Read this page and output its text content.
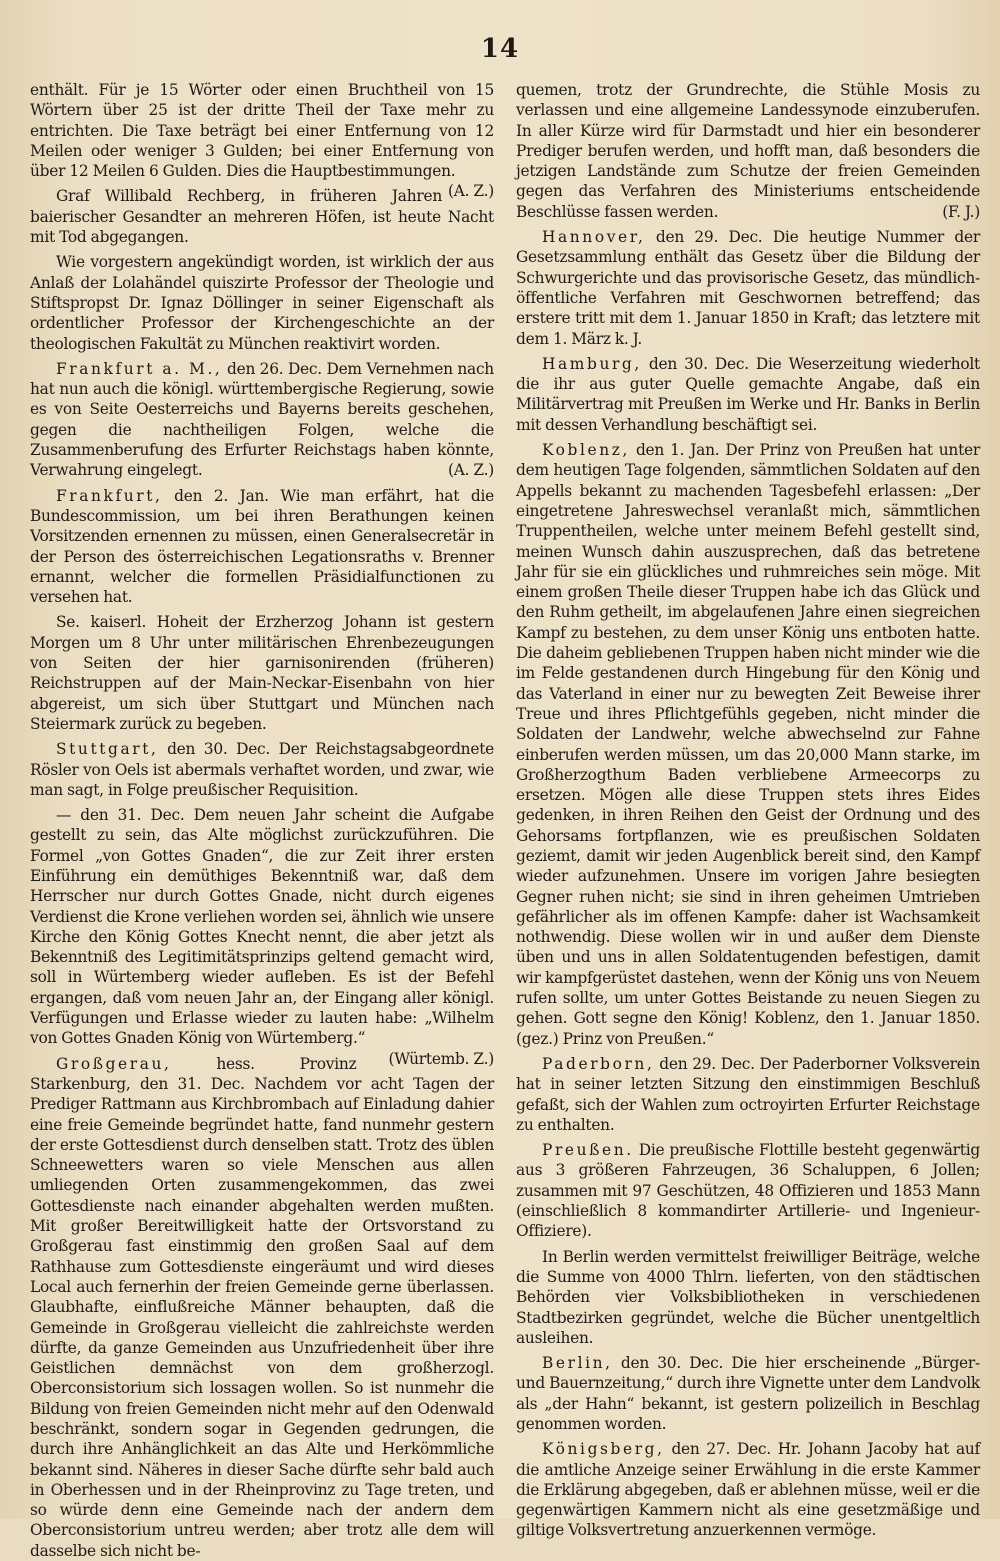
14

enthält. Für je 15 Wörter oder einen Bruchtheil von 15 Wörtern über 25 ist der dritte Theil der Taxe mehr zu entrichten. Die Taxe beträgt bei einer Entfernung von 12 Meilen oder weniger 3 Gulden; bei einer Entfernung von über 12 Meilen 6 Gulden. Dies die Hauptbestimmungen.
(A. Z.)

Graf Willibald Rechberg, in früheren Jahren baierischer Gesandter an mehreren Höfen, ist heute Nacht mit Tod abgegangen.

Wie vorgestern angekündigt worden, ist wirklich der aus Anlaß der Lolahändel quiszirte Professor der Theologie und Stiftspropst Dr. Ignaz Döllinger in seiner Eigenschaft als ordentlicher Professor der Kirchengeschichte an der theologischen Fakultät zu München reaktivirt worden.

Frankfurt a. M., den 26. Dec. Dem Vernehmen nach hat nun auch die königl. württembergische Regierung, sowie es von Seite Oesterreichs und Bayerns bereits geschehen, gegen die nachtheiligen Folgen, welche die Zusammenberufung des Erfurter Reichstags haben könnte, Verwahrung eingelegt.	(A. Z.)

Frankfurt, den 2. Jan. Wie man erfährt, hat die Bundescommission, um bei ihren Berathungen keinen Vorsitzenden ernennen zu müssen, einen Generalsecretär in der Person des österreichischen Legationsraths v. Brenner ernannt, welcher die formellen Präsidialfunctionen zu versehen hat.

Se. kaiserl. Hoheit der Erzherzog Johann ist gestern Morgen um 8 Uhr unter militärischen Ehrenbezeugungen von Seiten der hier garnisonirenden (früheren) Reichstruppen auf der Main-Neckar-Eisenbahn von hier abgereist, um sich über Stuttgart und München nach Steiermark zurück zu begeben.

Stuttgart, den 30. Dec. Der Reichstagsabgeordnete Rösler von Oels ist abermals verhaftet worden, und zwar, wie man sagt, in Folge preußischer Requisition.

— den 31. Dec. Dem neuen Jahr scheint die Aufgabe gestellt zu sein, das Alte möglichst zurückzuführen. Die Formel „von Gottes Gnaden“, die zur Zeit ihrer ersten Einführung ein demüthiges Bekenntniß war, daß dem Herrscher nur durch Gottes Gnade, nicht durch eigenes Verdienst die Krone verliehen worden sei, ähnlich wie unsere Kirche den König Gottes Knecht nennt, die aber jetzt als Bekenntniß des Legitimitätsprinzips geltend gemacht wird, soll in Würtemberg wieder aufleben. Es ist der Befehl ergangen, daß vom neuen Jahr an, der Eingang aller königl. Verfügungen und Erlasse wieder zu lauten habe: „Wilhelm von Gottes Gnaden König von Würtemberg.“
(Würtemb. Z.)

Großgerau,	hess. Provinz Starkenburg, den 31. Dec. Nachdem vor acht Tagen der Prediger Rattmann aus Kirchbrombach auf Einladung dahier eine freie Gemeinde begründet hatte, fand nunmehr gestern der erste Gottesdienst durch denselben statt. Trotz des üblen Schneewetters waren so viele Menschen aus allen umliegenden Orten zusammengekommen, das zwei Gottesdienste nach einander abgehalten werden mußten. Mit großer Bereitwilligkeit hatte der Ortsvorstand zu Großgerau fast einstimmig den großen Saal auf dem Rathhause zum Gottesdienste eingeräumt und wird dieses Local auch fernerhin der freien Gemeinde gerne überlassen. Glaubhafte, einflußreiche Männer behaupten, daß die Gemeinde in Großgerau vielleicht die zahlreichste werden dürfte, da ganze Gemeinden aus Unzufriedenheit über ihre Geistlichen demnächst von dem großherzogl. Oberconsistorium sich lossagen wollen. So ist nunmehr die Bildung von freien Gemeinden nicht mehr auf den Odenwald beschränkt, sondern sogar in Gegenden gedrungen, die durch ihre Anhänglichkeit an das Alte und Herkömmliche bekannt sind. Näheres in dieser Sache dürfte sehr bald auch in Oberhessen und in der Rheinprovinz zu Tage treten, und so würde denn eine Gemeinde nach der andern dem Oberconsistorium untreu werden; aber trotz alle dem will dasselbe sich nicht be-

quemen, trotz der Grundrechte, die Stühle Mosis zu verlassen und eine allgemeine Landessynode einzuberufen. In aller Kürze wird für Darmstadt und hier ein besonderer Prediger berufen werden, und hofft man, daß besonders die jetzigen Landstände zum Schutze der freien Gemeinden gegen das Verfahren des Ministeriums entscheidende Beschlüsse fassen werden.	(F. J.)

Hannover, den 29. Dec. Die heutige Nummer der Gesetzsammlung enthält das Gesetz über die Bildung der Schwurgerichte und das provisorische Gesetz, das mündlich-öffentliche Verfahren mit Geschwornen betreffend; das erstere tritt mit dem 1. Januar 1850 in Kraft; das letztere mit dem 1. März k. J.

Hamburg, den 30. Dec. Die Weserzeitung wiederholt die ihr aus guter Quelle gemachte Angabe, daß ein Militärvertrag mit Preußen im Werke und Hr. Banks in Berlin mit dessen Verhandlung beschäftigt sei.

Koblenz, den 1. Jan. Der Prinz von Preußen hat unter dem heutigen Tage folgenden, sämmtlichen Soldaten auf den Appells bekannt zu machenden Tagesbefehl erlassen: „Der eingetretene Jahreswechsel veranlaßt mich, sämmtlichen Truppentheilen, welche unter meinem Befehl gestellt sind, meinen Wunsch dahin auszusprechen, daß das betretene Jahr für sie ein glückliches und ruhmreiches sein möge. Mit einem großen Theile dieser Truppen habe ich das Glück und den Ruhm getheilt, im abgelaufenen Jahre einen siegreichen Kampf zu bestehen, zu dem unser König uns entboten hatte. Die daheim gebliebenen Truppen haben nicht minder wie die im Felde gestandenen durch Hingebung für den König und das Vaterland in einer nur zu bewegten Zeit Beweise ihrer Treue und ihres Pflichtgefühls gegeben, nicht minder die Soldaten der Landwehr, welche abwechselnd zur Fahne einberufen werden müssen, um das 20,000 Mann starke, im Großherzogthum Baden verbliebene Armeecorps zu ersetzen. Mögen alle diese Truppen stets ihres Eides gedenken, in ihren Reihen den Geist der Ordnung und des Gehorsams fortpflanzen, wie es preußischen Soldaten geziemt, damit wir jeden Augenblick bereit sind, den Kampf wieder aufzunehmen. Unsere im vorigen Jahre besiegten Gegner ruhen nicht; sie sind in ihren geheimen Umtrieben gefährlicher als im offenen Kampfe: daher ist Wachsamkeit nothwendig. Diese wollen wir in und außer dem Dienste üben und uns in allen Soldatentugenden befestigen, damit wir kampfgerüstet dastehen, wenn der König uns von Neuem rufen sollte, um unter Gottes Beistande zu neuen Siegen zu gehen. Gott segne den König! Koblenz, den 1. Januar 1850. (gez.) Prinz von Preußen.“

Paderborn, den 29. Dec. Der Paderborner Volksverein hat in seiner letzten Sitzung den einstimmigen Beschluß gefaßt, sich der Wahlen zum octroyirten Erfurter Reichstage zu enthalten.

Preußen. Die preußische Flottille besteht gegenwärtig aus 3 größeren Fahrzeugen, 36 Schaluppen, 6 Jollen; zusammen mit 97 Geschützen, 48 Offizieren und 1853 Mann (einschließlich 8 kommandirter Artillerie- und Ingenieur-Offiziere).

In Berlin werden vermittelst freiwilliger Beiträge, welche die Summe von 4000 Thlrn. lieferten, von den städtischen Behörden vier Volksbibliotheken in verschiedenen Stadtbezirken gegründet, welche die Bücher unentgeltlich ausleihen.

Berlin, den 30. Dec. Die hier erscheinende „Bürger- und Bauernzeitung,“ durch ihre Vignette unter dem Landvolk als „der Hahn“ bekannt, ist gestern polizeilich in Beschlag genommen worden.

Königsberg, den 27. Dec. Hr. Johann Jacoby hat auf die amtliche Anzeige seiner Erwählung in die erste Kammer die Erklärung abgegeben, daß er ablehnen müsse, weil er die gegenwärtigen Kammern nicht als eine gesetzmäßige und giltige Volksvertretung anzuerkennen vermöge.
